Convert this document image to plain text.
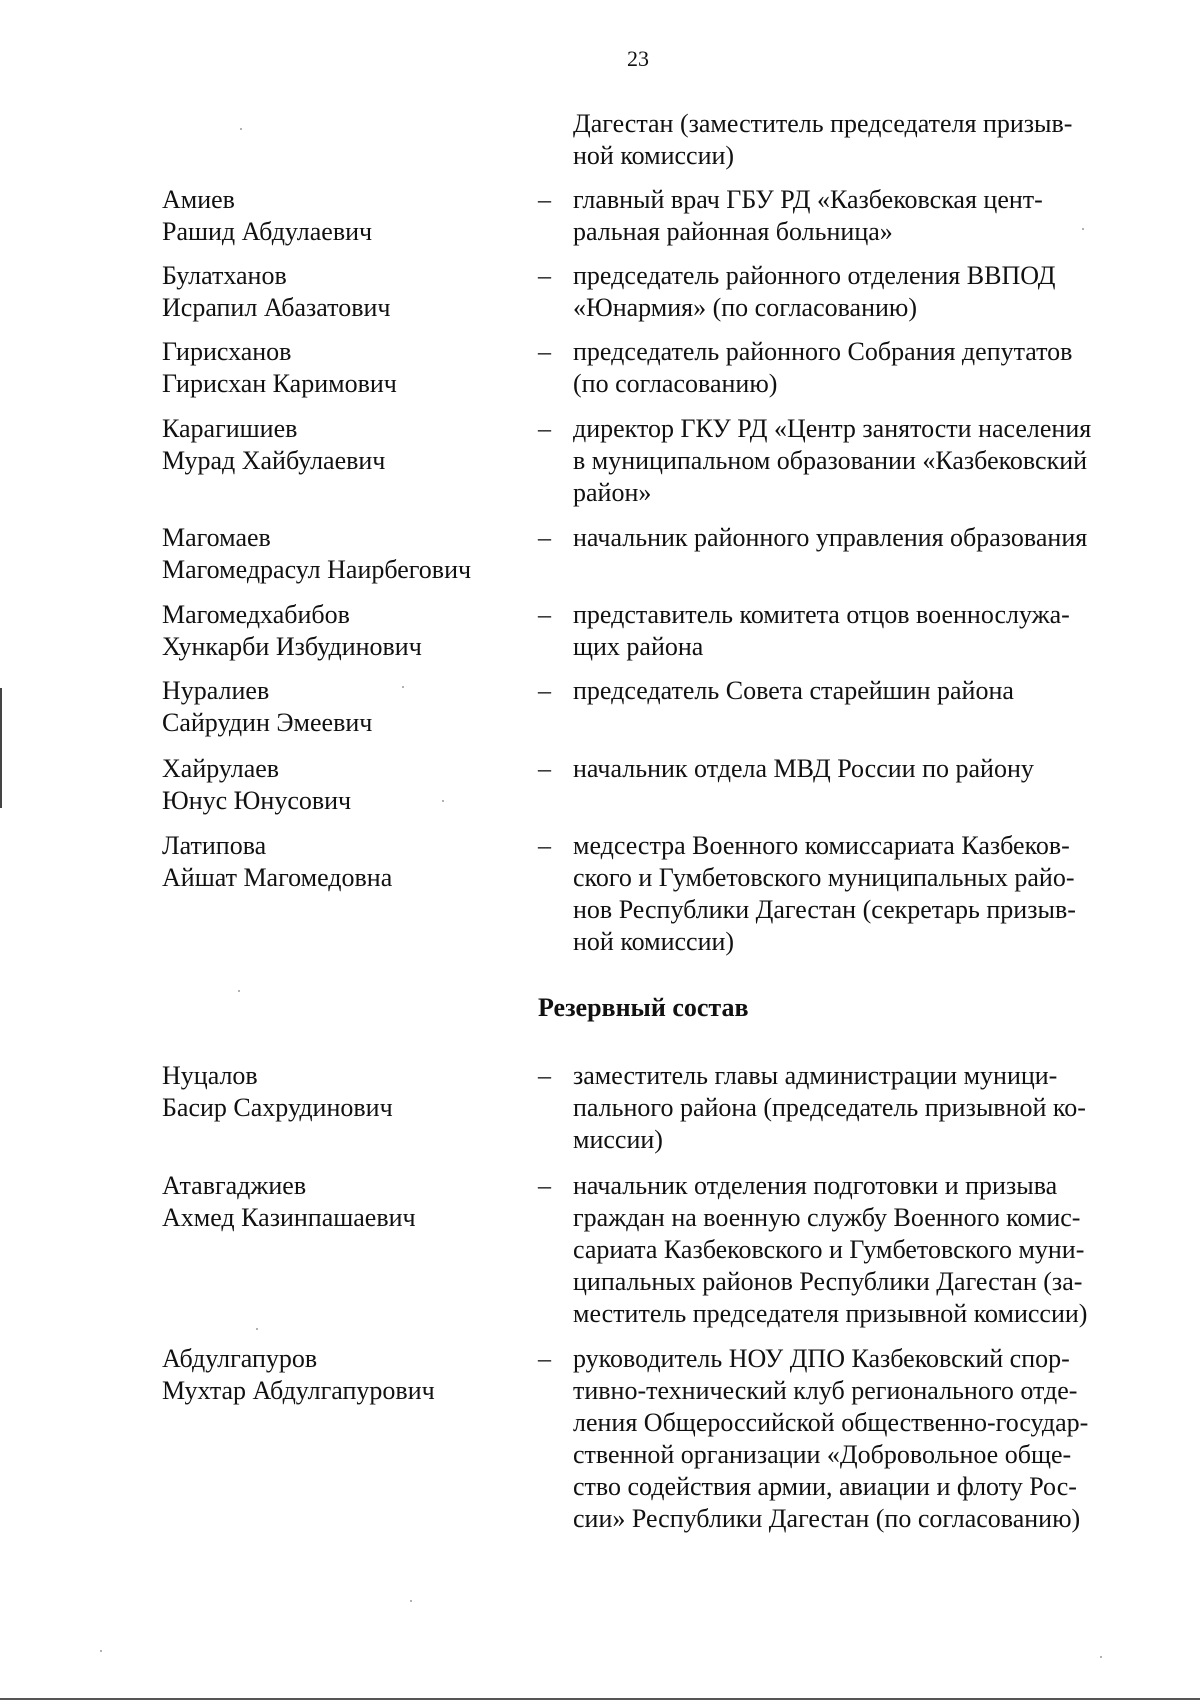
23
Дагестан (заместитель председателя призыв-
ной комиссии)
Амиев
Рашид Абдулаевич
– главный врач ГБУ РД «Казбековская цент-
ральная районная больница»
Булатханов
Исрапил Абазатович
– председатель районного отделения ВВПОД
«Юнармия» (по согласованию)
Гирисханов
Гирисхан Каримович
– председатель районного Собрания депутатов
(по согласованию)
Карагишиев
Мурад Хайбулаевич
– директор ГКУ РД «Центр занятости населения
в муниципальном образовании «Казбековский
район»
Магомаев
Магомедрасул Наирбегович
– начальник районного управления образования
Магомедхабибов
Хункарби Избудинович
– представитель комитета отцов военнослужа-
щих района
Нуралиев
Сайрудин Эмеевич
– председатель Совета старейшин района
Хайрулаев
Юнус Юнусович
– начальник отдела МВД России по району
Латипова
Айшат Магомедовна
– медсестра Военного комиссариата Казбеков-
ского и Гумбетовского муниципальных райо-
нов Республики Дагестан (секретарь призыв-
ной комиссии)
Резервный состав
Нуцалов
Басир Сахрудинович
– заместитель главы администрации муници-
пального района (председатель призывной ко-
миссии)
Атавгаджиев
Ахмед Казинпашаевич
– начальник отделения подготовки и призыва
граждан на военную службу Военного комис-
сариата Казбековского и Гумбетовского муни-
ципальных районов Республики Дагестан (за-
меститель председателя призывной комиссии)
Абдулгапуров
Мухтар Абдулгапурович
– руководитель НОУ ДПО Казбековский спор-
тивно-технический клуб регионального отде-
ления Общероссийской общественно-государ-
ственной организации «Добровольное обще-
ство содействия армии, авиации и флоту Рос-
сии» Республики Дагестан (по согласованию)
